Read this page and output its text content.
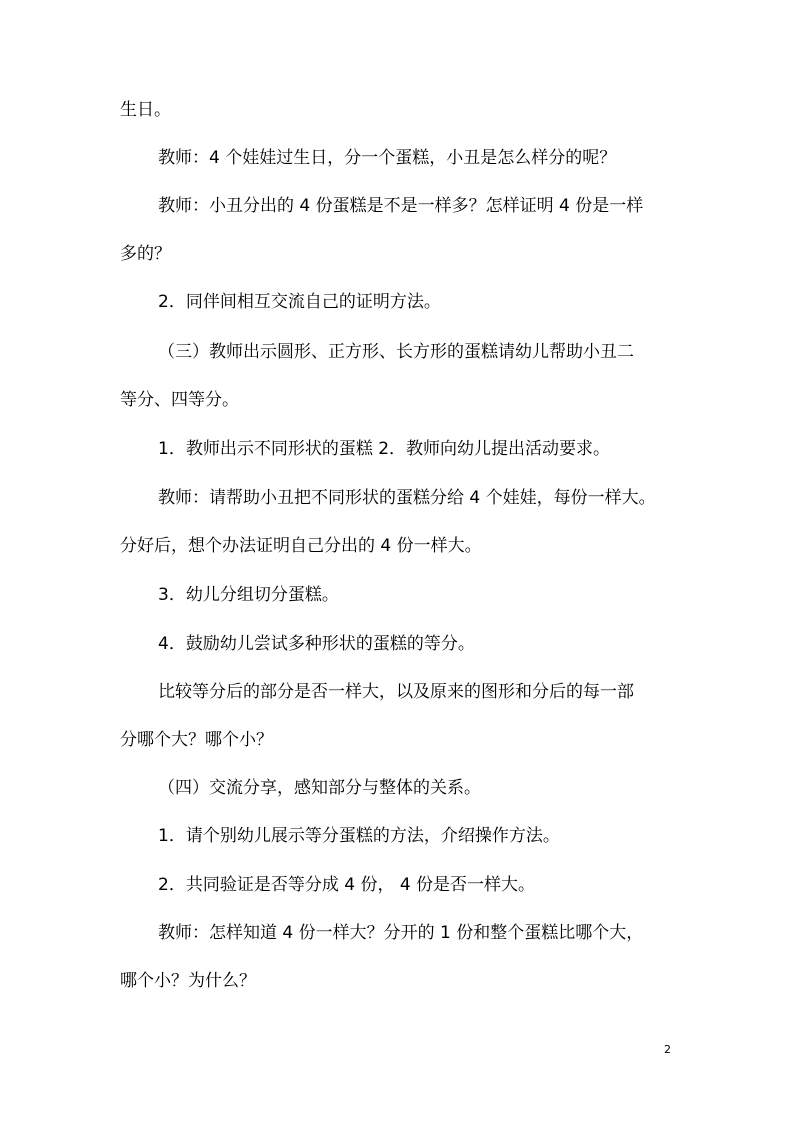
生日。
教师：4 个娃娃过生日，分一个蛋糕，小丑是怎么样分的呢？
教师：小丑分出的 4 份蛋糕是不是一样多？怎样证明 4 份是一样
多的？
2．同伴间相互交流自己的证明方法。
（三）教师出示圆形、正方形、长方形的蛋糕请幼儿帮助小丑二
等分、四等分。
1．教师出示不同形状的蛋糕 2．教师向幼儿提出活动要求。
教师：请帮助小丑把不同形状的蛋糕分给 4 个娃娃，每份一样大。
分好后，想个办法证明自己分出的 4 份一样大。
3．幼儿分组切分蛋糕。
4．鼓励幼儿尝试多种形状的蛋糕的等分。
比较等分后的部分是否一样大，以及原来的图形和分后的每一部
分哪个大？哪个小？
（四）交流分享，感知部分与整体的关系。
1．请个别幼儿展示等分蛋糕的方法，介绍操作方法。
2．共同验证是否等分成 4 份， 4 份是否一样大。
教师：怎样知道 4 份一样大？分开的 1 份和整个蛋糕比哪个大，
哪个小？为什么？
2
